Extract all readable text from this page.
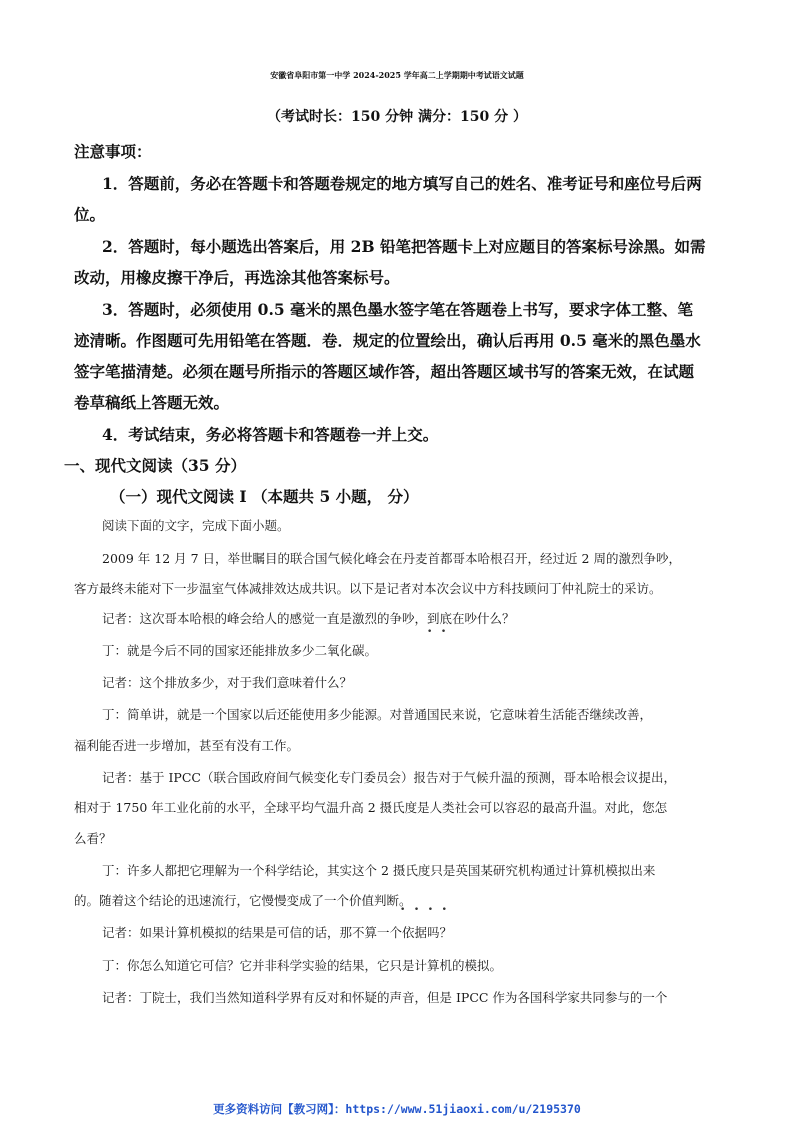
安徽省阜阳市第一中学 2024-2025 学年高二上学期期中考试语文试题
（考试时长：150 分钟 满分：150 分 ）
注意事项：
1．答题前，务必在答题卡和答题卷规定的地方填写自己的姓名、准考证号和座位号后两
位。
2．答题时，每小题选出答案后，用 2B 铅笔把答题卡上对应题目的答案标号涂黑。如需
改动，用橡皮擦干净后，再选涂其他答案标号。
3．答题时，必须使用 0.5 毫米的黑色墨水签字笔在答题卷上书写，要求字体工整、笔
迹清晰。作图题可先用铅笔在答题．卷．规定的位置绘出，确认后再用 0.5 毫米的黑色墨水
签字笔描清楚。必须在题号所指示的答题区域作答，超出答题区域书写的答案无效，在试题
卷草稿纸上答题无效。
4．考试结束，务必将答题卡和答题卷一并上交。
一、现代文阅读（35 分）
（一）现代文阅读 I （本题共 5 小题， 分）
阅读下面的文字，完成下面小题。
2009 年 12 月 7 日，举世瞩目的联合国气候化峰会在丹麦首都哥本哈根召开，经过近 2 周的激烈争吵，
客方最终未能对下一步温室气体减排效达成共识。以下是记者对本次会议中方科技顾问丁仲礼院士的采访。
记者：这次哥本哈根的峰会给人的感觉一直是激烈的争吵，到底在吵什么？
丁：就是今后不同的国家还能排放多少二氧化碳。
记者：这个排放多少，对于我们意味着什么？
丁：简单讲，就是一个国家以后还能使用多少能源。对普通国民来说，它意味着生活能否继续改善，
福利能否进一步增加，甚至有没有工作。
记者：基于 IPCC（联合国政府间气候变化专门委员会）报告对于气候升温的预测，哥本哈根会议提出，
相对于 1750 年工业化前的水平，全球平均气温升高 2 摄氏度是人类社会可以容忍的最高升温。对此，您怎
么看？
丁：许多人都把它理解为一个科学结论，其实这个 2 摄氏度只是英国某研究机构通过计算机模拟出来
的。随着这个结论的迅速流行，它慢慢变成了一个价值判断。
记者：如果计算机模拟的结果是可信的话，那不算一个依据吗？
丁：你怎么知道它可信？它并非科学实验的结果，它只是计算机的模拟。
记者：丁院士，我们当然知道科学界有反对和怀疑的声音，但是 IPCC 作为各国科学家共同参与的一个
•   •
•   •   •   •
更多资料访问【教习网】：https://www.51jiaoxi.com/u/2195370
